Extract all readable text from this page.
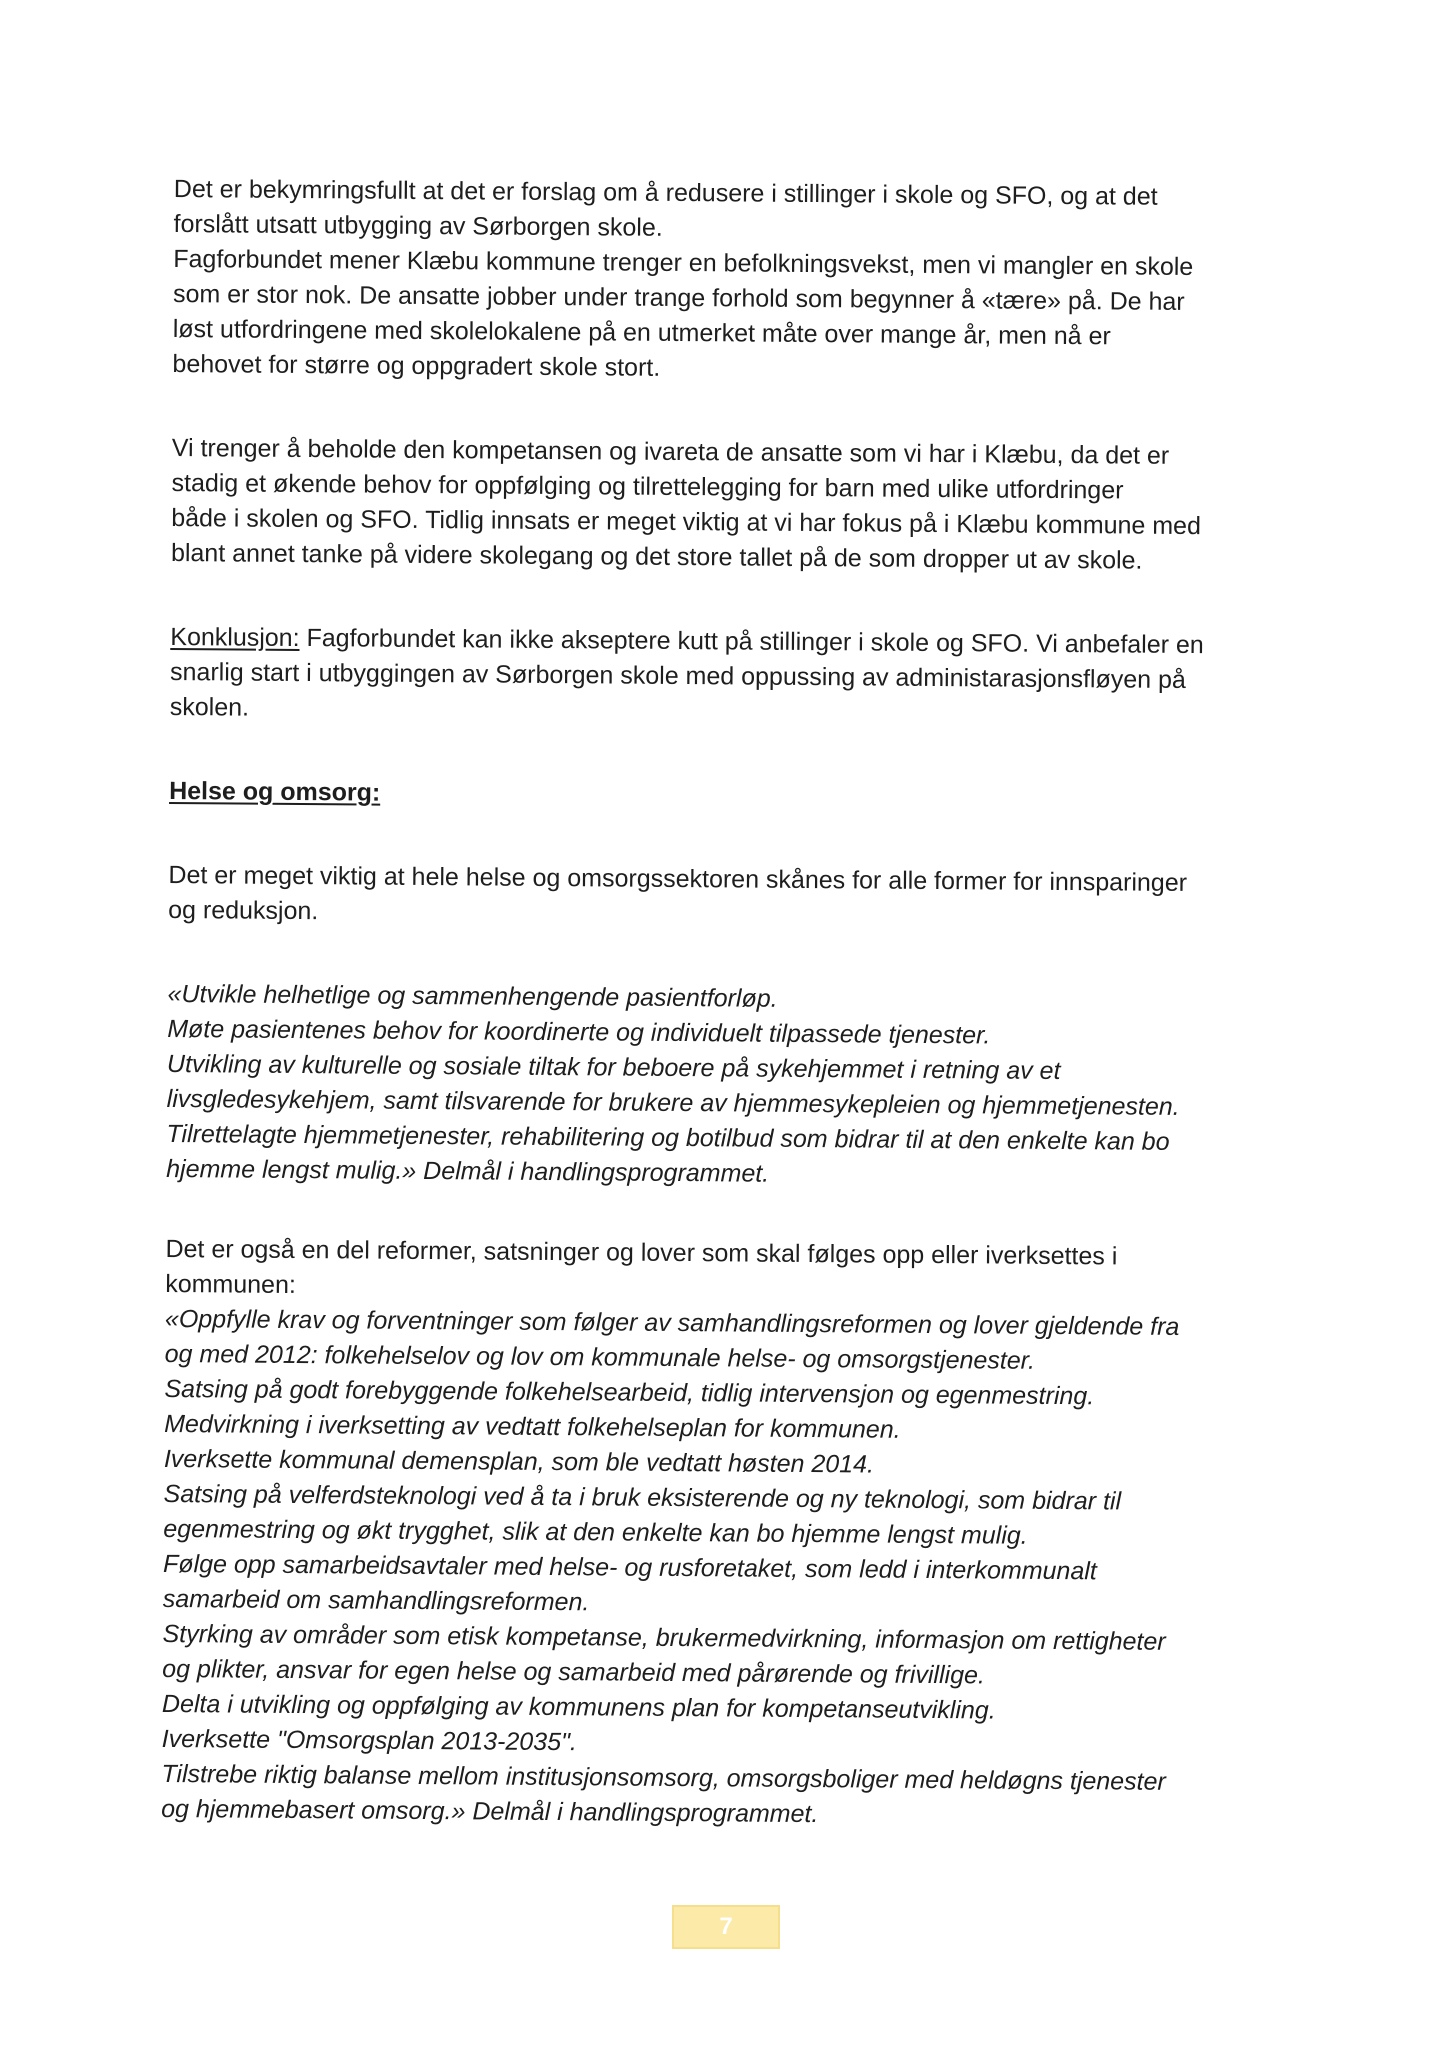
Det er bekymringsfullt at det er forslag om å redusere i stillinger i skole og SFO, og at det
forslått utsatt utbygging av Sørborgen skole.
Fagforbundet mener Klæbu kommune trenger en befolkningsvekst, men vi mangler en skole
som er stor nok. De ansatte jobber under trange forhold som begynner å «tære» på. De har
løst utfordringene med skolelokalene på en utmerket måte over mange år, men nå er
behovet for større og oppgradert skole stort.

Vi trenger å beholde den kompetansen og ivareta de ansatte som vi har i Klæbu, da det er
stadig et økende behov for oppfølging og tilrettelegging for barn med ulike utfordringer
både i skolen og SFO. Tidlig innsats er meget viktig at vi har fokus på i Klæbu kommune med
blant annet tanke på videre skolegang og det store tallet på de som dropper ut av skole.

Konklusjon: Fagforbundet kan ikke akseptere kutt på stillinger i skole og SFO. Vi anbefaler en
snarlig start i utbyggingen av Sørborgen skole med oppussing av administarasjonsfløyen på
skolen.

Helse og omsorg:

Det er meget viktig at hele helse og omsorgssektoren skånes for alle former for innsparinger
og reduksjon.

«Utvikle helhetlige og sammenhengende pasientforløp.
Møte pasientenes behov for koordinerte og individuelt tilpassede tjenester.
Utvikling av kulturelle og sosiale tiltak for beboere på sykehjemmet i retning av et
livsgledesykehjem, samt tilsvarende for brukere av hjemmesykepleien og hjemmetjenesten.
Tilrettelagte hjemmetjenester, rehabilitering og botilbud som bidrar til at den enkelte kan bo
hjemme lengst mulig.» Delmål i handlingsprogrammet.

Det er også en del reformer, satsninger og lover som skal følges opp eller iverksettes i
kommunen:

«Oppfylle krav og forventninger som følger av samhandlingsreformen og lover gjeldende fra
og med 2012: folkehelselov og lov om kommunale helse- og omsorgstjenester.
Satsing på godt forebyggende folkehelsearbeid, tidlig intervensjon og egenmestring.
Medvirkning i iverksetting av vedtatt folkehelseplan for kommunen.
Iverksette kommunal demensplan, som ble vedtatt høsten 2014.
Satsing på velferdsteknologi ved å ta i bruk eksisterende og ny teknologi, som bidrar til
egenmestring og økt trygghet, slik at den enkelte kan bo hjemme lengst mulig.
Følge opp samarbeidsavtaler med helse- og rusforetaket, som ledd i interkommunalt
samarbeid om samhandlingsreformen.
Styrking av områder som etisk kompetanse, brukermedvirkning, informasjon om rettigheter
og plikter, ansvar for egen helse og samarbeid med pårørende og frivillige.
Delta i utvikling og oppfølging av kommunens plan for kompetanseutvikling.
Iverksette "Omsorgsplan 2013-2035".
Tilstrebe riktig balanse mellom institusjonsomsorg, omsorgsboliger med heldøgns tjenester
og hjemmebasert omsorg.» Delmål i handlingsprogrammet.

7
